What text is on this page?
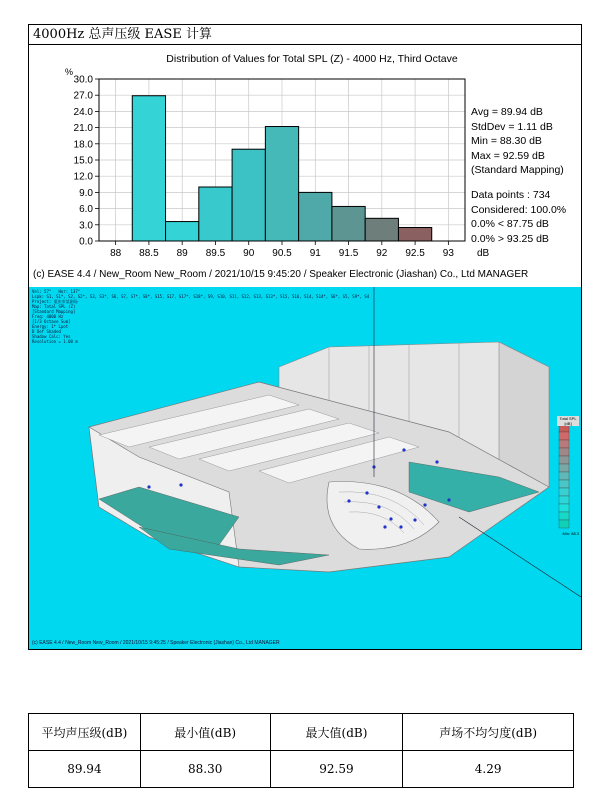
4000Hz 总声压级 EASE 计算
Distribution of Values for Total SPL (Z) - 4000 Hz, Third Octave
%
0.0
3.0
6.0
9.0
12.0
15.0
18.0
21.0
24.0
27.0
30.0
88 88.5 89 89.5 90 90.5 91 91.5 92 92.5 93 dB
Avg = 89.94 dB
StdDev = 1.11 dB
Min = 88.30 dB
Max = 92.59 dB
(Standard Mapping)
Data points : 734
Considered: 100.0%
0.0% < 87.75 dB
0.0% > 93.25 dB
(c) EASE 4.4 / New_Room New_Room / 2021/10/15 9:45:20 / Speaker Electronic (Jiashan) Co., Ltd MANAGER
Vel: 57°   Hor: 137°
Lspk: S1, S1*, S2, S2*, S3, S3*, S6, S7, S7*, S8*, S15, S17, S17*, S18*, S9, S10, S11, S12, S13, S13*, S15, S16, S14, S14*, S6*, S5, S9*, S4
Project: 重庆市某剧场
Map: Total SPL (Z)
[Standard Mapping]
Freq: 4000 Hz
[1/3 Octave Sum]
Energy: 1* Lpot
D Def Shaded
Shadow Calc: Yes
Resolution = 1.00 m
Total SPL [dB]
Min: 88.3
(c) EASE 4.4 / New_Room New_Room / 2021/10/15 9:45:25 / Speaker Electronic (Jiashan) Co., Ltd MANAGER
平均声压级(dB)	最小值(dB)	最大值(dB)	声场不均匀度(dB)
89.94	88.30	92.59	4.29
